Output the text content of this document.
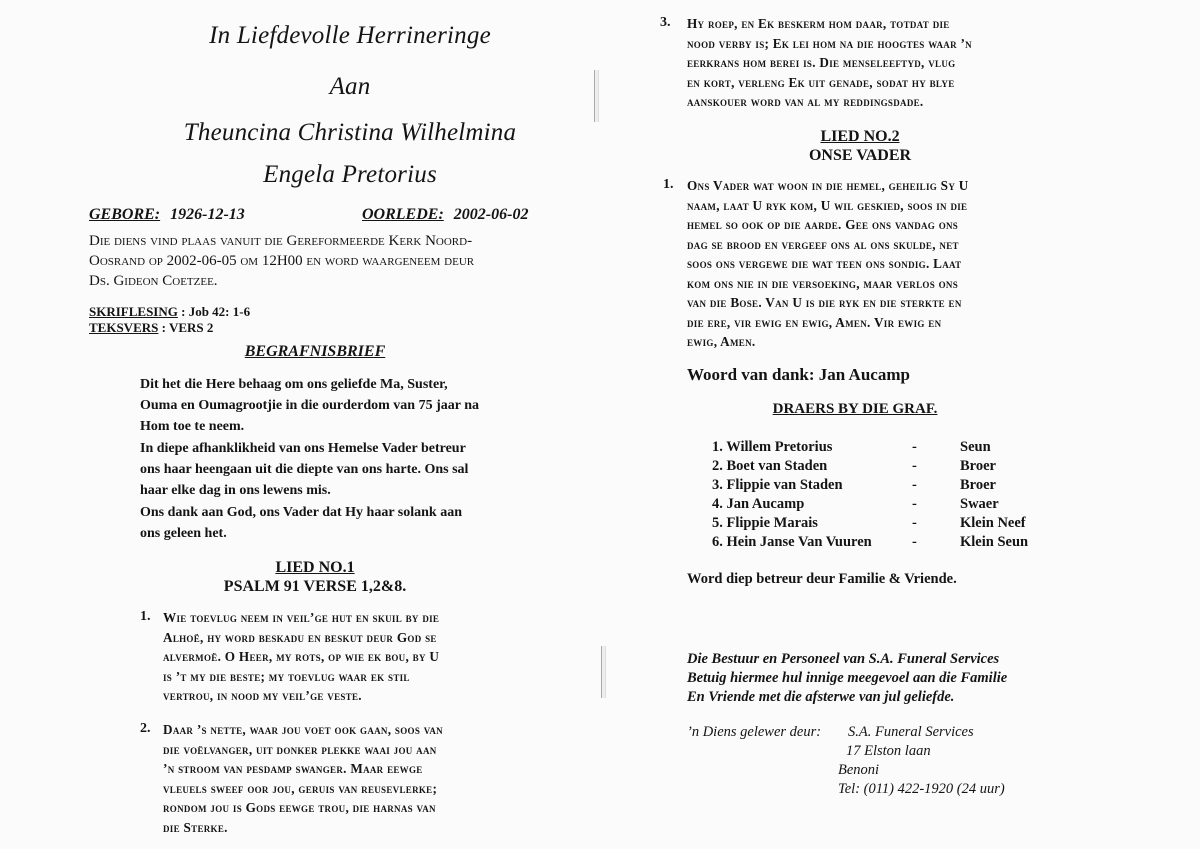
In Liefdevolle Herrineringe
Aan
Theuncina Christina Wilhelmina
Engela Pretorius
GEBORE: 1926-12-13	OORLEDE: 2002-06-02
Die diens vind plaas vanuit die Gereformeerde Kerk Noord-
Oosrand op 2002-06-05 om 12H00 en word waargeneem deur
Ds. Gideon Coetzee.
SKRIFLESING : Job 42: 1-6
TEKSVERS : VERS 2
BEGRAFNISBRIEF
Dit het die Here behaag om ons geliefde Ma, Suster,
Ouma en Oumagrootjie in die ourderdom van 75 jaar na
Hom toe te neem.
In diepe afhanklikheid van ons Hemelse Vader betreur
ons haar heengaan uit die diepte van ons harte. Ons sal
haar elke dag in ons lewens mis.
Ons dank aan God, ons Vader dat Hy haar solank aan
ons geleen het.
LIED NO.1
PSALM 91 VERSE 1,2&8.
1. Wie toevlug neem in veil’ge hut en skuil by die
Alhoë, hy word beskadu en beskut deur God se
alvermoë. O Heer, my rots, op wie ek bou, by U
is ’t my die beste; my toevlug waar ek stil
vertrou, in nood my veil’ge veste.
2. Daar ’s nette, waar jou voet ook gaan, soos van
die voëlvanger, uit donker plekke waai jou aan
’n stroom van pesdamp swanger. Maar eewge
vleuels sweef oor jou, geruis van reusevlerke;
rondom jou is Gods eewge trou, die harnas van
die Sterke.
3. Hy roep, en Ek beskerm hom daar, totdat die
nood verby is; Ek lei hom na die hoogtes waar ’n
eerkrans hom berei is. Die menseleeftyd, vlug
en kort, verleng Ek uit genade, sodat hy blye
aanskouer word van al my reddingsdade.
LIED NO.2
ONSE VADER
1. Ons Vader wat woon in die hemel, geheilig Sy U
naam, laat U ryk kom, U wil geskied, soos in die
hemel so ook op die aarde. Gee ons vandag ons
dag se brood en vergeef ons al ons skulde, net
soos ons vergewe die wat teen ons sondig. Laat
kom ons nie in die versoeking, maar verlos ons
van die Bose. Van U is die ryk en die sterkte en
die ere, vir ewig en ewig, Amen. Vir ewig en
ewig, Amen.
Woord van dank: Jan Aucamp
DRAERS BY DIE GRAF.
1. Willem Pretorius	-	Seun
2. Boet van Staden	-	Broer
3. Flippie van Staden	-	Broer
4. Jan Aucamp	-	Swaer
5. Flippie Marais	-	Klein Neef
6. Hein Janse Van Vuuren	-	Klein Seun
Word diep betreur deur Familie & Vriende.
Die Bestuur en Personeel van S.A. Funeral Services
Betuig hiermee hul innige meegevoel aan die Familie
En Vriende met die afsterwe van jul geliefde.
’n Diens gelewer deur: S.A. Funeral Services
17 Elston laan
Benoni
Tel: (011) 422-1920 (24 uur)
